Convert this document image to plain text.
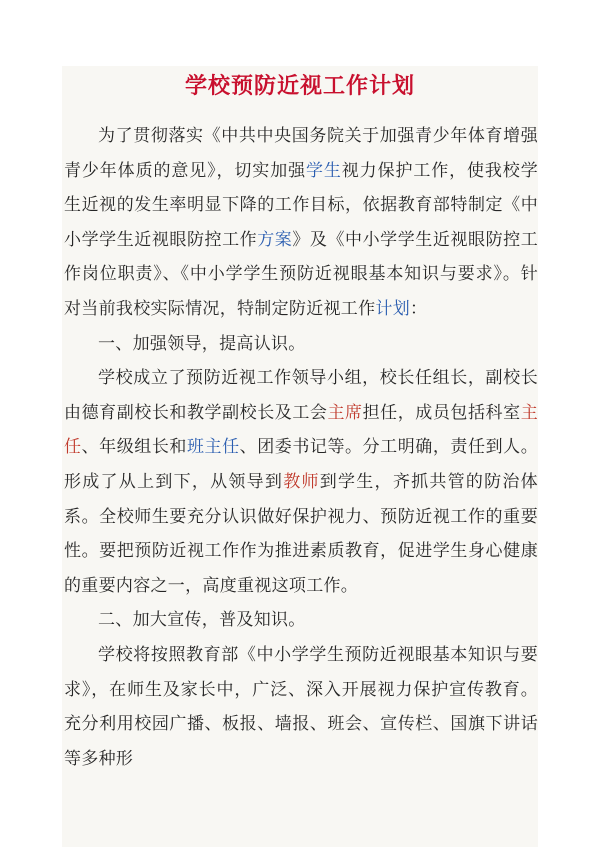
学校预防近视工作计划

为了贯彻落实《中共中央国务院关于加强青少年体育增强青少年体质的意见》，切实加强学生视力保护工作，使我校学生近视的发生率明显下降的工作目标，依据教育部特制定《中小学学生近视眼防控工作方案》及《中小学学生近视眼防控工作岗位职责》、《中小学学生预防近视眼基本知识与要求》。针对当前我校实际情况，特制定防近视工作计划：

一、加强领导，提高认识。

学校成立了预防近视工作领导小组，校长任组长，副校长由德育副校长和教学副校长及工会主席担任，成员包括科室主任、年级组长和班主任、团委书记等。分工明确，责任到人。形成了从上到下，从领导到教师到学生，齐抓共管的防治体系。全校师生要充分认识做好保护视力、预防近视工作的重要性。要把预防近视工作作为推进素质教育，促进学生身心健康的重要内容之一，高度重视这项工作。

二、加大宣传，普及知识。

学校将按照教育部《中小学学生预防近视眼基本知识与要求》，在师生及家长中，广泛、深入开展视力保护宣传教育。充分利用校园广播、板报、墙报、班会、宣传栏、国旗下讲话等多种形
